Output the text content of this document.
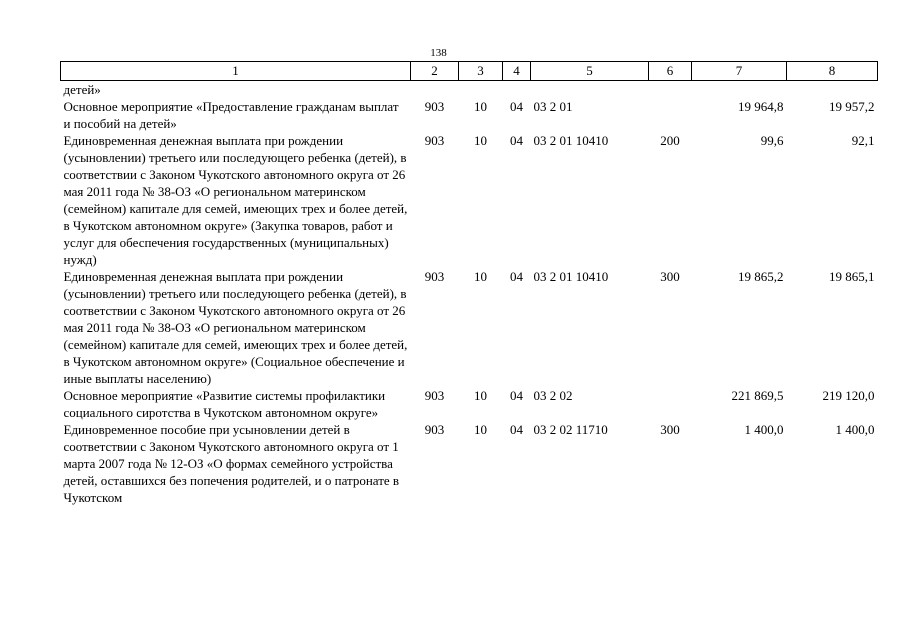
138
1	2	3	4	5	6	7	8
детей»							
Основное мероприятие «Предоставление гражданам выплат и пособий на детей»	903	10	04	03 2 01		19 964,8	19 957,2
Единовременная денежная выплата при рождении (усыновлении) третьего или последующего ребенка (детей), в соответствии с Законом Чукотского автономного округа от 26 мая 2011 года № 38-ОЗ «О региональном материнском (семейном) капитале для семей, имеющих трех и более детей, в Чукотском автономном округе» (Закупка товаров, работ и услуг для обеспечения государственных (муниципальных) нужд)	903	10	04	03 2 01 10410	200	99,6	92,1
Единовременная денежная выплата при рождении (усыновлении) третьего или последующего ребенка (детей), в соответствии с Законом Чукотского автономного округа от 26 мая 2011 года № 38-ОЗ «О региональном материнском (семейном) капитале для семей, имеющих трех и более детей, в Чукотском автономном округе» (Социальное обеспечение и иные выплаты населению)	903	10	04	03 2 01 10410	300	19 865,2	19 865,1
Основное мероприятие «Развитие системы профилактики социального сиротства в Чукотском автономном округе»	903	10	04	03 2 02		221 869,5	219 120,0
Единовременное пособие при усыновлении детей в соответствии с Законом Чукотского автономного округа от 1 марта 2007 года № 12-ОЗ «О формах семейного устройства детей, оставшихся без попечения родителей, и о патронате в Чукотском	903	10	04	03 2 02 11710	300	1 400,0	1 400,0
